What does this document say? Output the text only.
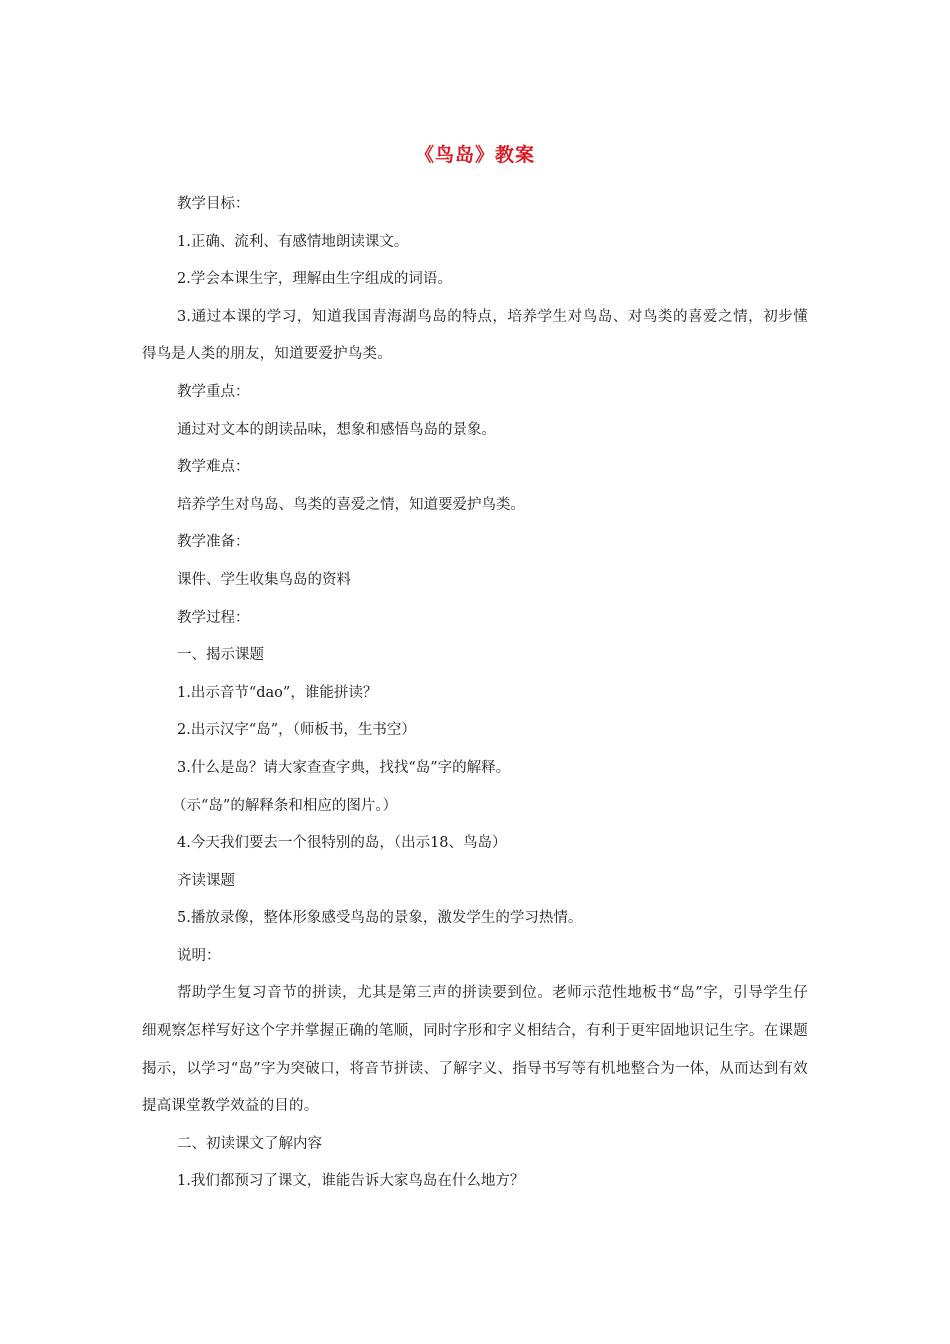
《鸟岛》教案

教学目标：

1.正确、流利、有感情地朗读课文。

2.学会本课生字，理解由生字组成的词语。

3.通过本课的学习，知道我国青海湖鸟岛的特点，培养学生对鸟岛、对鸟类的喜爱之情，初步懂得鸟是人类的朋友，知道要爱护鸟类。

教学重点：

通过对文本的朗读品味，想象和感悟鸟岛的景象。

教学难点：

培养学生对鸟岛、鸟类的喜爱之情，知道要爱护鸟类。

教学准备：

课件、学生收集鸟岛的资料

教学过程：

一、揭示课题

1.出示音节“dao”，谁能拼读？

2.出示汉字“岛”，（师板书，生书空）

3.什么是岛？请大家查查字典，找找“岛”字的解释。

（示“岛”的解释条和相应的图片。）

4.今天我们要去一个很特别的岛，（出示18、鸟岛）

齐读课题

5.播放录像，整体形象感受鸟岛的景象，激发学生的学习热情。

说明：

帮助学生复习音节的拼读，尤其是第三声的拼读要到位。老师示范性地板书“岛”字，引导学生仔细观察怎样写好这个字并掌握正确的笔顺，同时字形和字义相结合，有利于更牢固地识记生字。在课题揭示，以学习“岛”字为突破口，将音节拼读、了解字义、指导书写等有机地整合为一体，从而达到有效提高课堂教学效益的目的。

二、初读课文了解内容

1.我们都预习了课文，谁能告诉大家鸟岛在什么地方？
